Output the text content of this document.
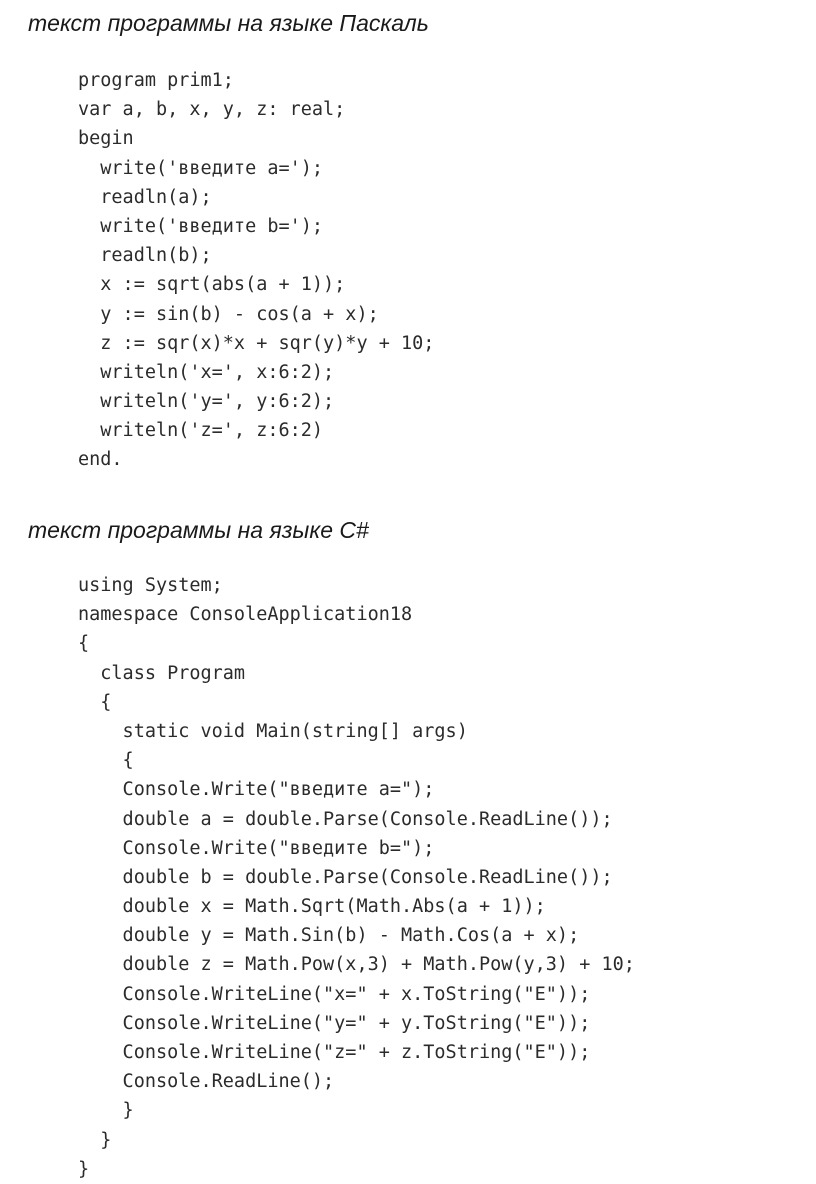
текст программы на языке Паскаль
program prim1;
var a, b, x, y, z: real;
begin
write('введите a=');
readln(a);
write('введите b=');
readln(b);
x := sqrt(abs(a + 1));
y := sin(b) - cos(a + x);
z := sqr(x)*x + sqr(y)*y + 10;
writeln('x=', x:6:2);
writeln('y=', y:6:2);
writeln('z=', z:6:2)
end.
текст программы на языке C#
using System;
namespace ConsoleApplication18
{
class Program
{
static void Main(string[] args)
{
Console.Write("введите a=");
double a = double.Parse(Console.ReadLine());
Console.Write("введите b=");
double b = double.Parse(Console.ReadLine());
double x = Math.Sqrt(Math.Abs(a + 1));
double y = Math.Sin(b) - Math.Cos(a + x);
double z = Math.Pow(x,3) + Math.Pow(y,3) + 10;
Console.WriteLine("x=" + x.ToString("E"));
Console.WriteLine("y=" + y.ToString("E"));
Console.WriteLine("z=" + z.ToString("E"));
Console.ReadLine();
}
}
}
